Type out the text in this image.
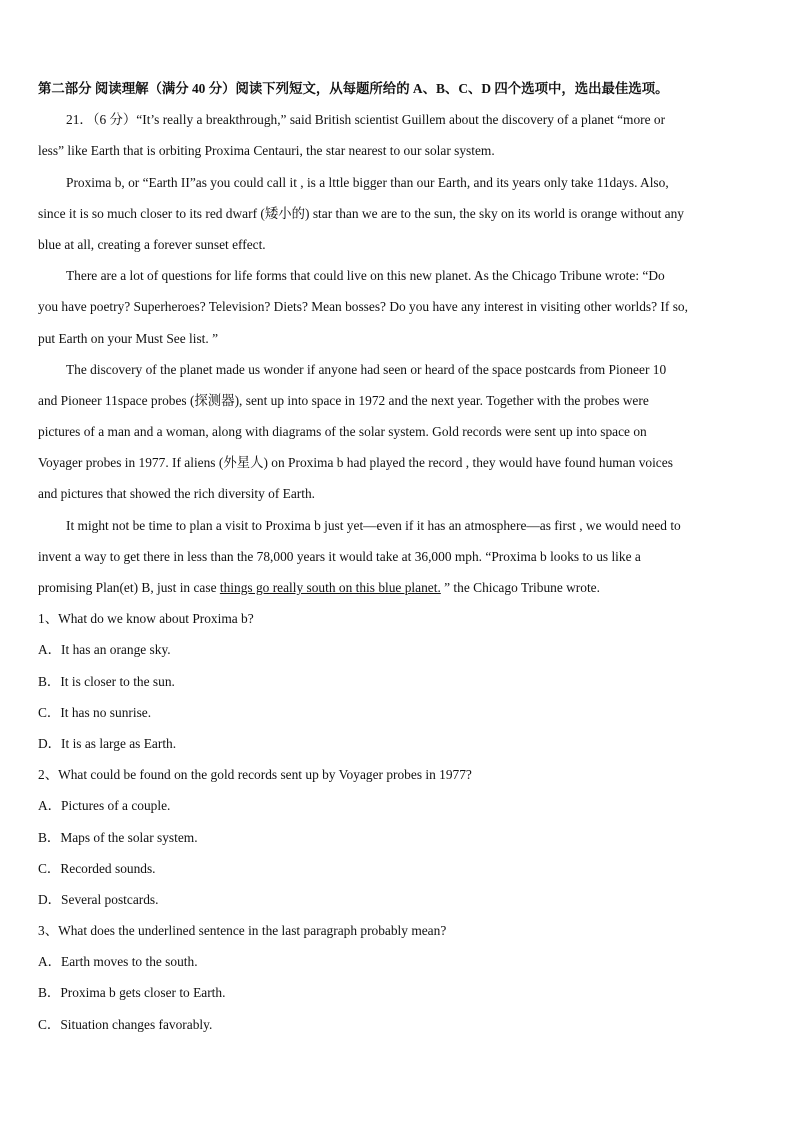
第二部分 阅读理解（满分 40 分）阅读下列短文，从每题所给的 A、B、C、D 四个选项中，选出最佳选项。
21．（6 分）“It’s really a breakthrough,” said British scientist Guillem about the discovery of a planet “more or
less” like Earth that is orbiting Proxima Centauri, the star nearest to our solar system.
Proxima b, or “Earth II”as you could call it , is a lttle bigger than our Earth, and its years only take 11days. Also,
since it is so much closer to its red dwarf (矮小的) star than we are to the sun, the sky on its world is orange without any
blue at all, creating a forever sunset effect.
There are a lot of questions for life forms that could live on this new planet. As the Chicago Tribune wrote: “Do
you have poetry? Superheroes? Television? Diets? Mean bosses? Do you have any interest in visiting other worlds? If so,
put Earth on your Must See list. ”
The discovery of the planet made us wonder if anyone had seen or heard of the space postcards from Pioneer 10
and Pioneer 11space probes (探测器), sent up into space in 1972 and the next year. Together with the probes were
pictures of a man and a woman, along with diagrams of the solar system. Gold records were sent up into space on
Voyager probes in 1977. If aliens (外星人) on Proxima b had played the record , they would have found human voices
and pictures that showed the rich diversity of Earth.
It might not be time to plan a visit to Proxima b just yet—even if it has an atmosphere—as first , we would need to
invent a way to get there in less than the 78,000 years it would take at 36,000 mph. “Proxima b looks to us like a
promising Plan(et) B, just in case things go really south on this blue planet. ” the Chicago Tribune wrote.
1、What do we know about Proxima b?
A．It has an orange sky.
B．It is closer to the sun.
C．It has no sunrise.
D．It is as large as Earth.
2、What could be found on the gold records sent up by Voyager probes in 1977?
A．Pictures of a couple.
B．Maps of the solar system.
C．Recorded sounds.
D．Several postcards.
3、What does the underlined sentence in the last paragraph probably mean?
A．Earth moves to the south.
B．Proxima b gets closer to Earth.
C．Situation changes favorably.
